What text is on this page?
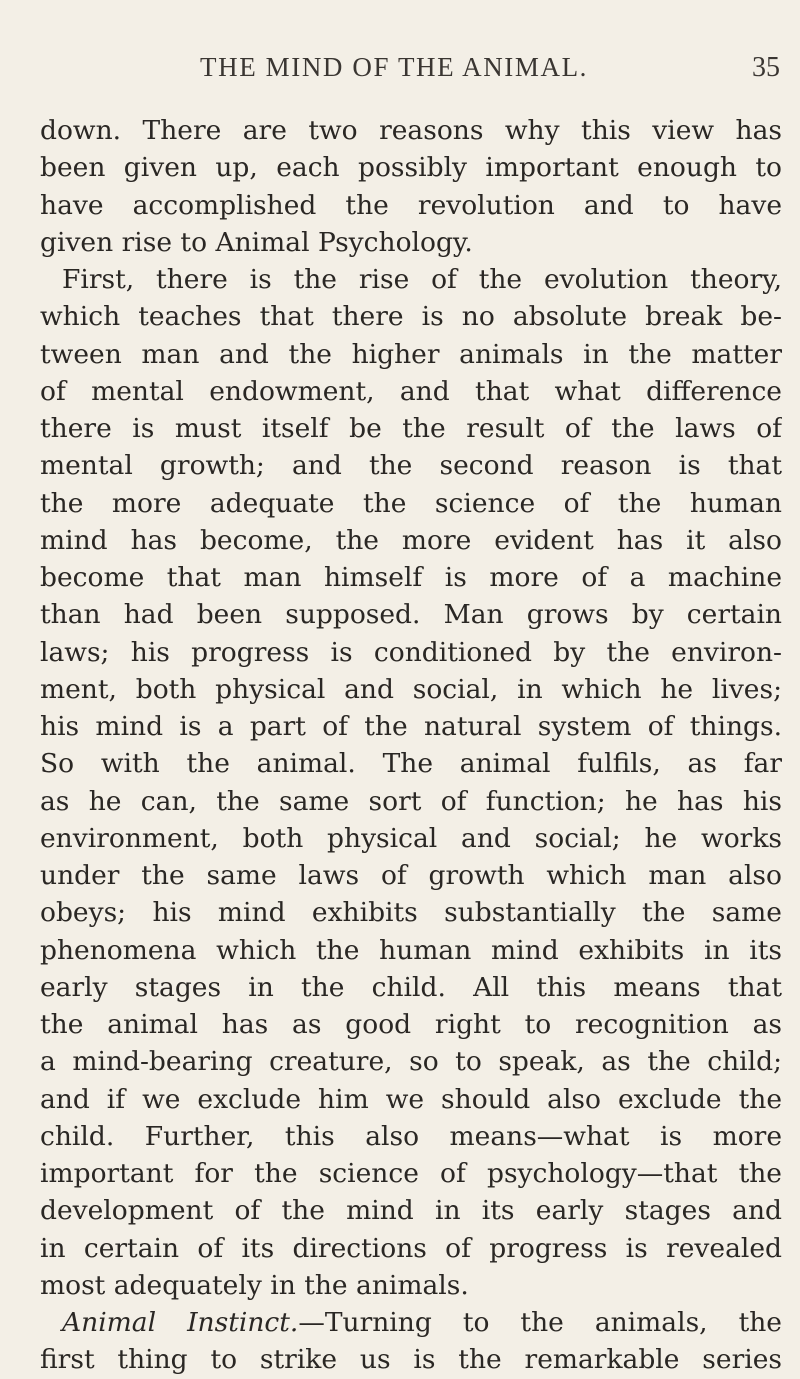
THE MIND OF THE ANIMAL.	35
down. There are two reasons why this view has
been given up, each possibly important enough to
have accomplished the revolution and to have
given rise to Animal Psychology.
First, there is the rise of the evolution theory,
which teaches that there is no absolute break be-
tween man and the higher animals in the matter
of mental endowment, and that what difference
there is must itself be the result of the laws of
mental growth; and the second reason is that
the more adequate the science of the human
mind has become, the more evident has it also
become that man himself is more of a machine
than had been supposed. Man grows by certain
laws; his progress is conditioned by the environ-
ment, both physical and social, in which he lives;
his mind is a part of the natural system of things.
So with the animal. The animal fulfils, as far
as he can, the same sort of function; he has his
environment, both physical and social; he works
under the same laws of growth which man also
obeys; his mind exhibits substantially the same
phenomena which the human mind exhibits in its
early stages in the child. All this means that
the animal has as good right to recognition as
a mind-bearing creature, so to speak, as the child;
and if we exclude him we should also exclude the
child. Further, this also means—what is more
important for the science of psychology—that the
development of the mind in its early stages and
in certain of its directions of progress is revealed
most adequately in the animals.
Animal Instinct.—Turning to the animals, the
first thing to strike us is the remarkable series
